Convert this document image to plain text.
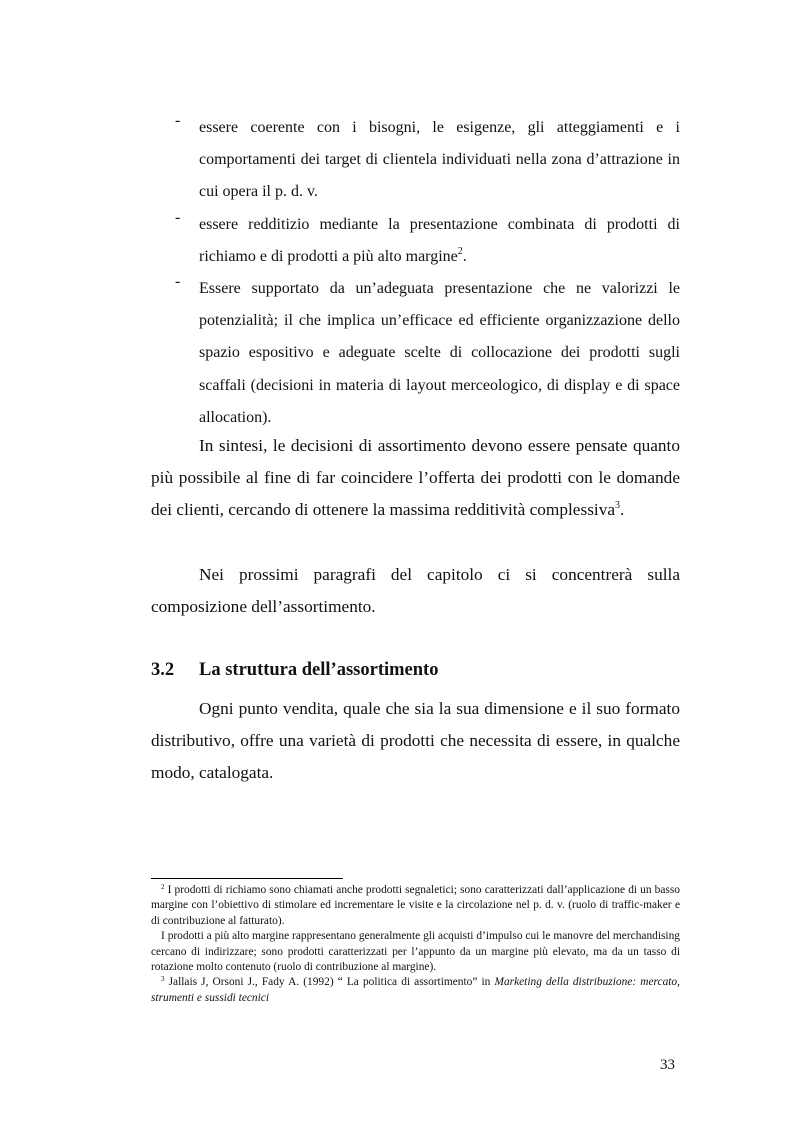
- essere coerente con i bisogni, le esigenze, gli atteggiamenti e i comportamenti dei target di clientela individuati nella zona d’attrazione in cui opera il p. d. v.

- essere redditizio mediante la presentazione combinata di prodotti di richiamo e di prodotti a più alto margine$^2$.

- Essere supportato da un’adeguata presentazione che ne valorizzi le potenzialità; il che implica un’efficace ed efficiente organizzazione dello spazio espositivo e adeguate scelte di collocazione dei prodotti sugli scaffali (decisioni in materia di layout merceologico, di display e di space allocation).

In sintesi, le decisioni di assortimento devono essere pensate quanto più possibile al fine di far coincidere l’offerta dei prodotti con le domande dei clienti, cercando di ottenere la massima redditività complessiva$^3$.

Nei prossimi paragrafi del capitolo ci si concentrerà sulla composizione dell’assortimento.

3.2 La struttura dell’assortimento

Ogni punto vendita, quale che sia la sua dimensione e il suo formato distributivo, offre una varietà di prodotti che necessita di essere, in qualche modo, catalogata.

$^2$ I prodotti di richiamo sono chiamati anche prodotti segnaletici; sono caratterizzati dall’applicazione di un basso margine con l’obiettivo di stimolare ed incrementare le visite e la circolazione nel p. d. v. (ruolo di traffic-maker e di contribuzione al fatturato).

I prodotti a più alto margine rappresentano generalmente gli acquisti d’impulso cui le manovre del merchandising cercano di indirizzare; sono prodotti caratterizzati per l’appunto da un margine più elevato, ma da un tasso di rotazione molto contenuto (ruolo di contribuzione al margine).

$^3$ Jallais J, Orsoni J., Fady A. (1992) “ La politica di assortimento” in Marketing della distribuzione: mercato, strumenti e sussidi tecnici

33
